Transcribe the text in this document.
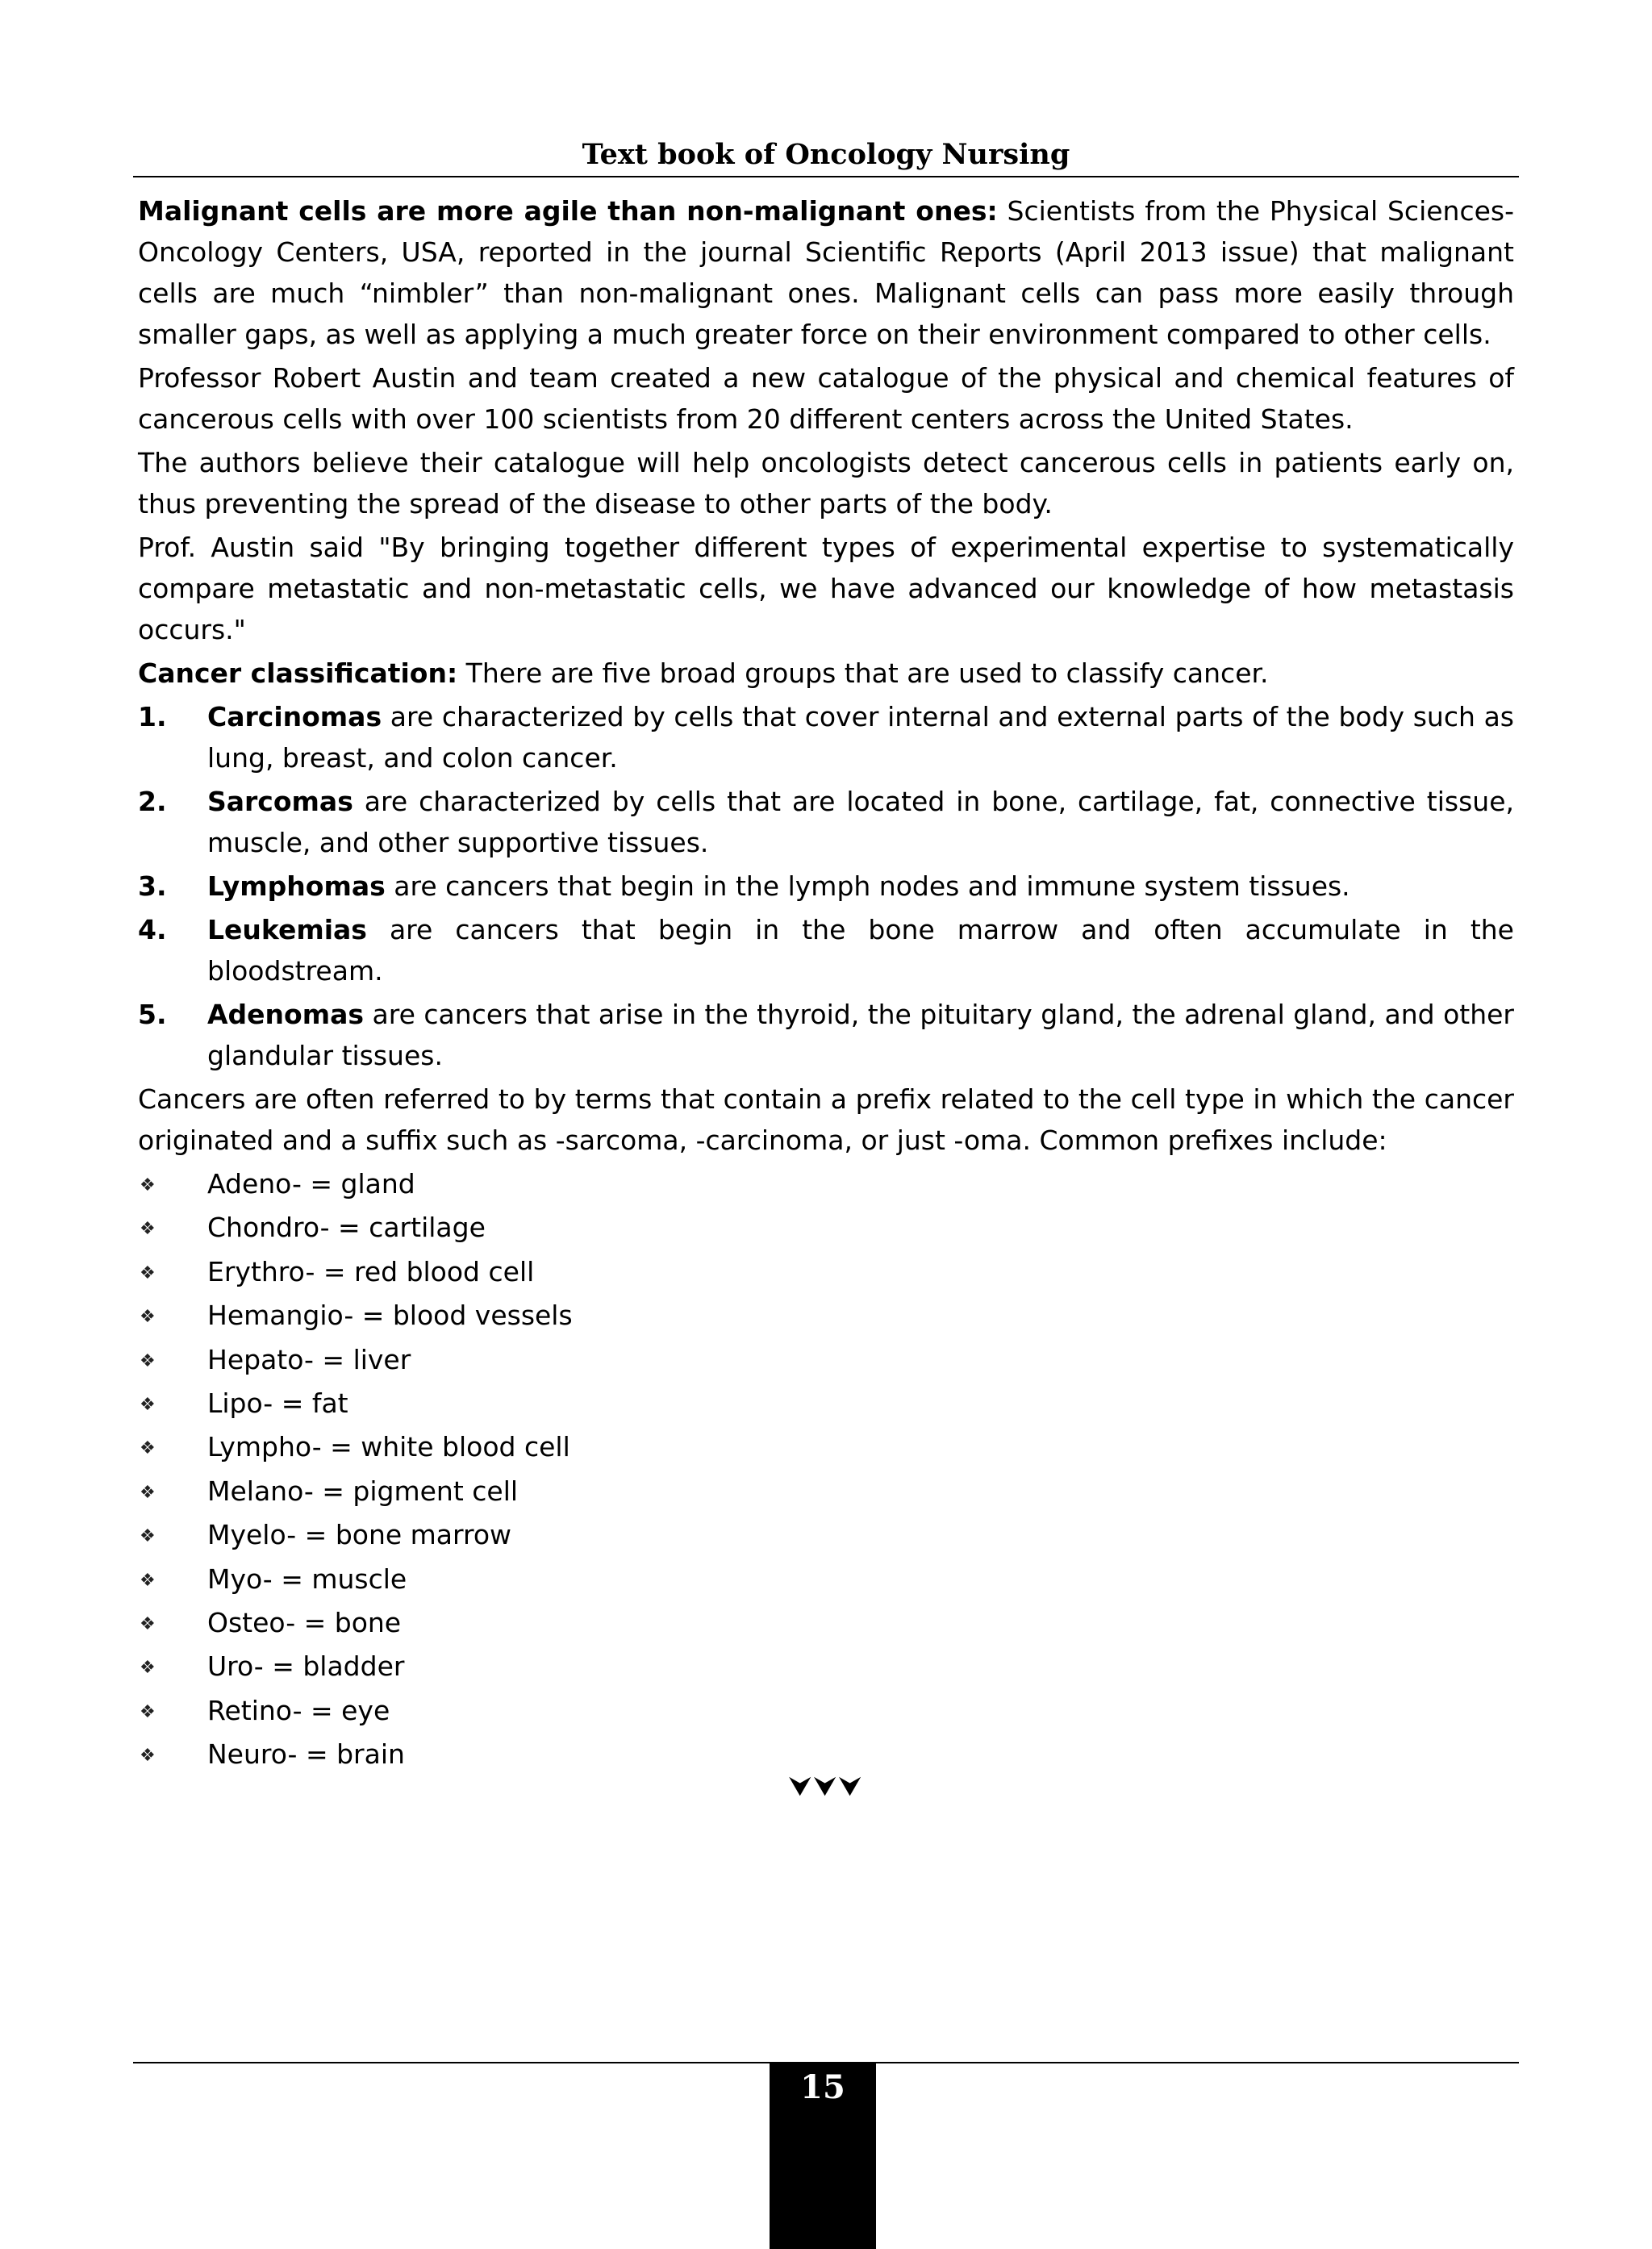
Text book of Oncology Nursing

Malignant cells are more agile than non-malignant ones: Scientists from the Physical Sciences-Oncology Centers, USA, reported in the journal Scientific Reports (April 2013 issue) that malignant cells are much “nimbler” than non-malignant ones. Malignant cells can pass more easily through smaller gaps, as well as applying a much greater force on their environment compared to other cells.

Professor Robert Austin and team created a new catalogue of the physical and chemical features of cancerous cells with over 100 scientists from 20 different centers across the United States.

The authors believe their catalogue will help oncologists detect cancerous cells in patients early on, thus preventing the spread of the disease to other parts of the body.

Prof. Austin said "By bringing together different types of experimental expertise to systematically compare metastatic and non-metastatic cells, we have advanced our knowledge of how metastasis occurs."

Cancer classification: There are five broad groups that are used to classify cancer.

1. Carcinomas are characterized by cells that cover internal and external parts of the body such as lung, breast, and colon cancer.
2. Sarcomas are characterized by cells that are located in bone, cartilage, fat, connective tissue, muscle, and other supportive tissues.
3. Lymphomas are cancers that begin in the lymph nodes and immune system tissues.
4. Leukemias are cancers that begin in the bone marrow and often accumulate in the bloodstream.
5. Adenomas are cancers that arise in the thyroid, the pituitary gland, the adrenal gland, and other glandular tissues.

Cancers are often referred to by terms that contain a prefix related to the cell type in which the cancer originated and a suffix such as -sarcoma, -carcinoma, or just -oma. Common prefixes include:

❖ Adeno- = gland
❖ Chondro- = cartilage
❖ Erythro- = red blood cell
❖ Hemangio- = blood vessels
❖ Hepato- = liver
❖ Lipo- = fat
❖ Lympho- = white blood cell
❖ Melano- = pigment cell
❖ Myelo- = bone marrow
❖ Myo- = muscle
❖ Osteo- = bone
❖ Uro- = bladder
❖ Retino- = eye
❖ Neuro- = brain
⮟⮟⮟
15
